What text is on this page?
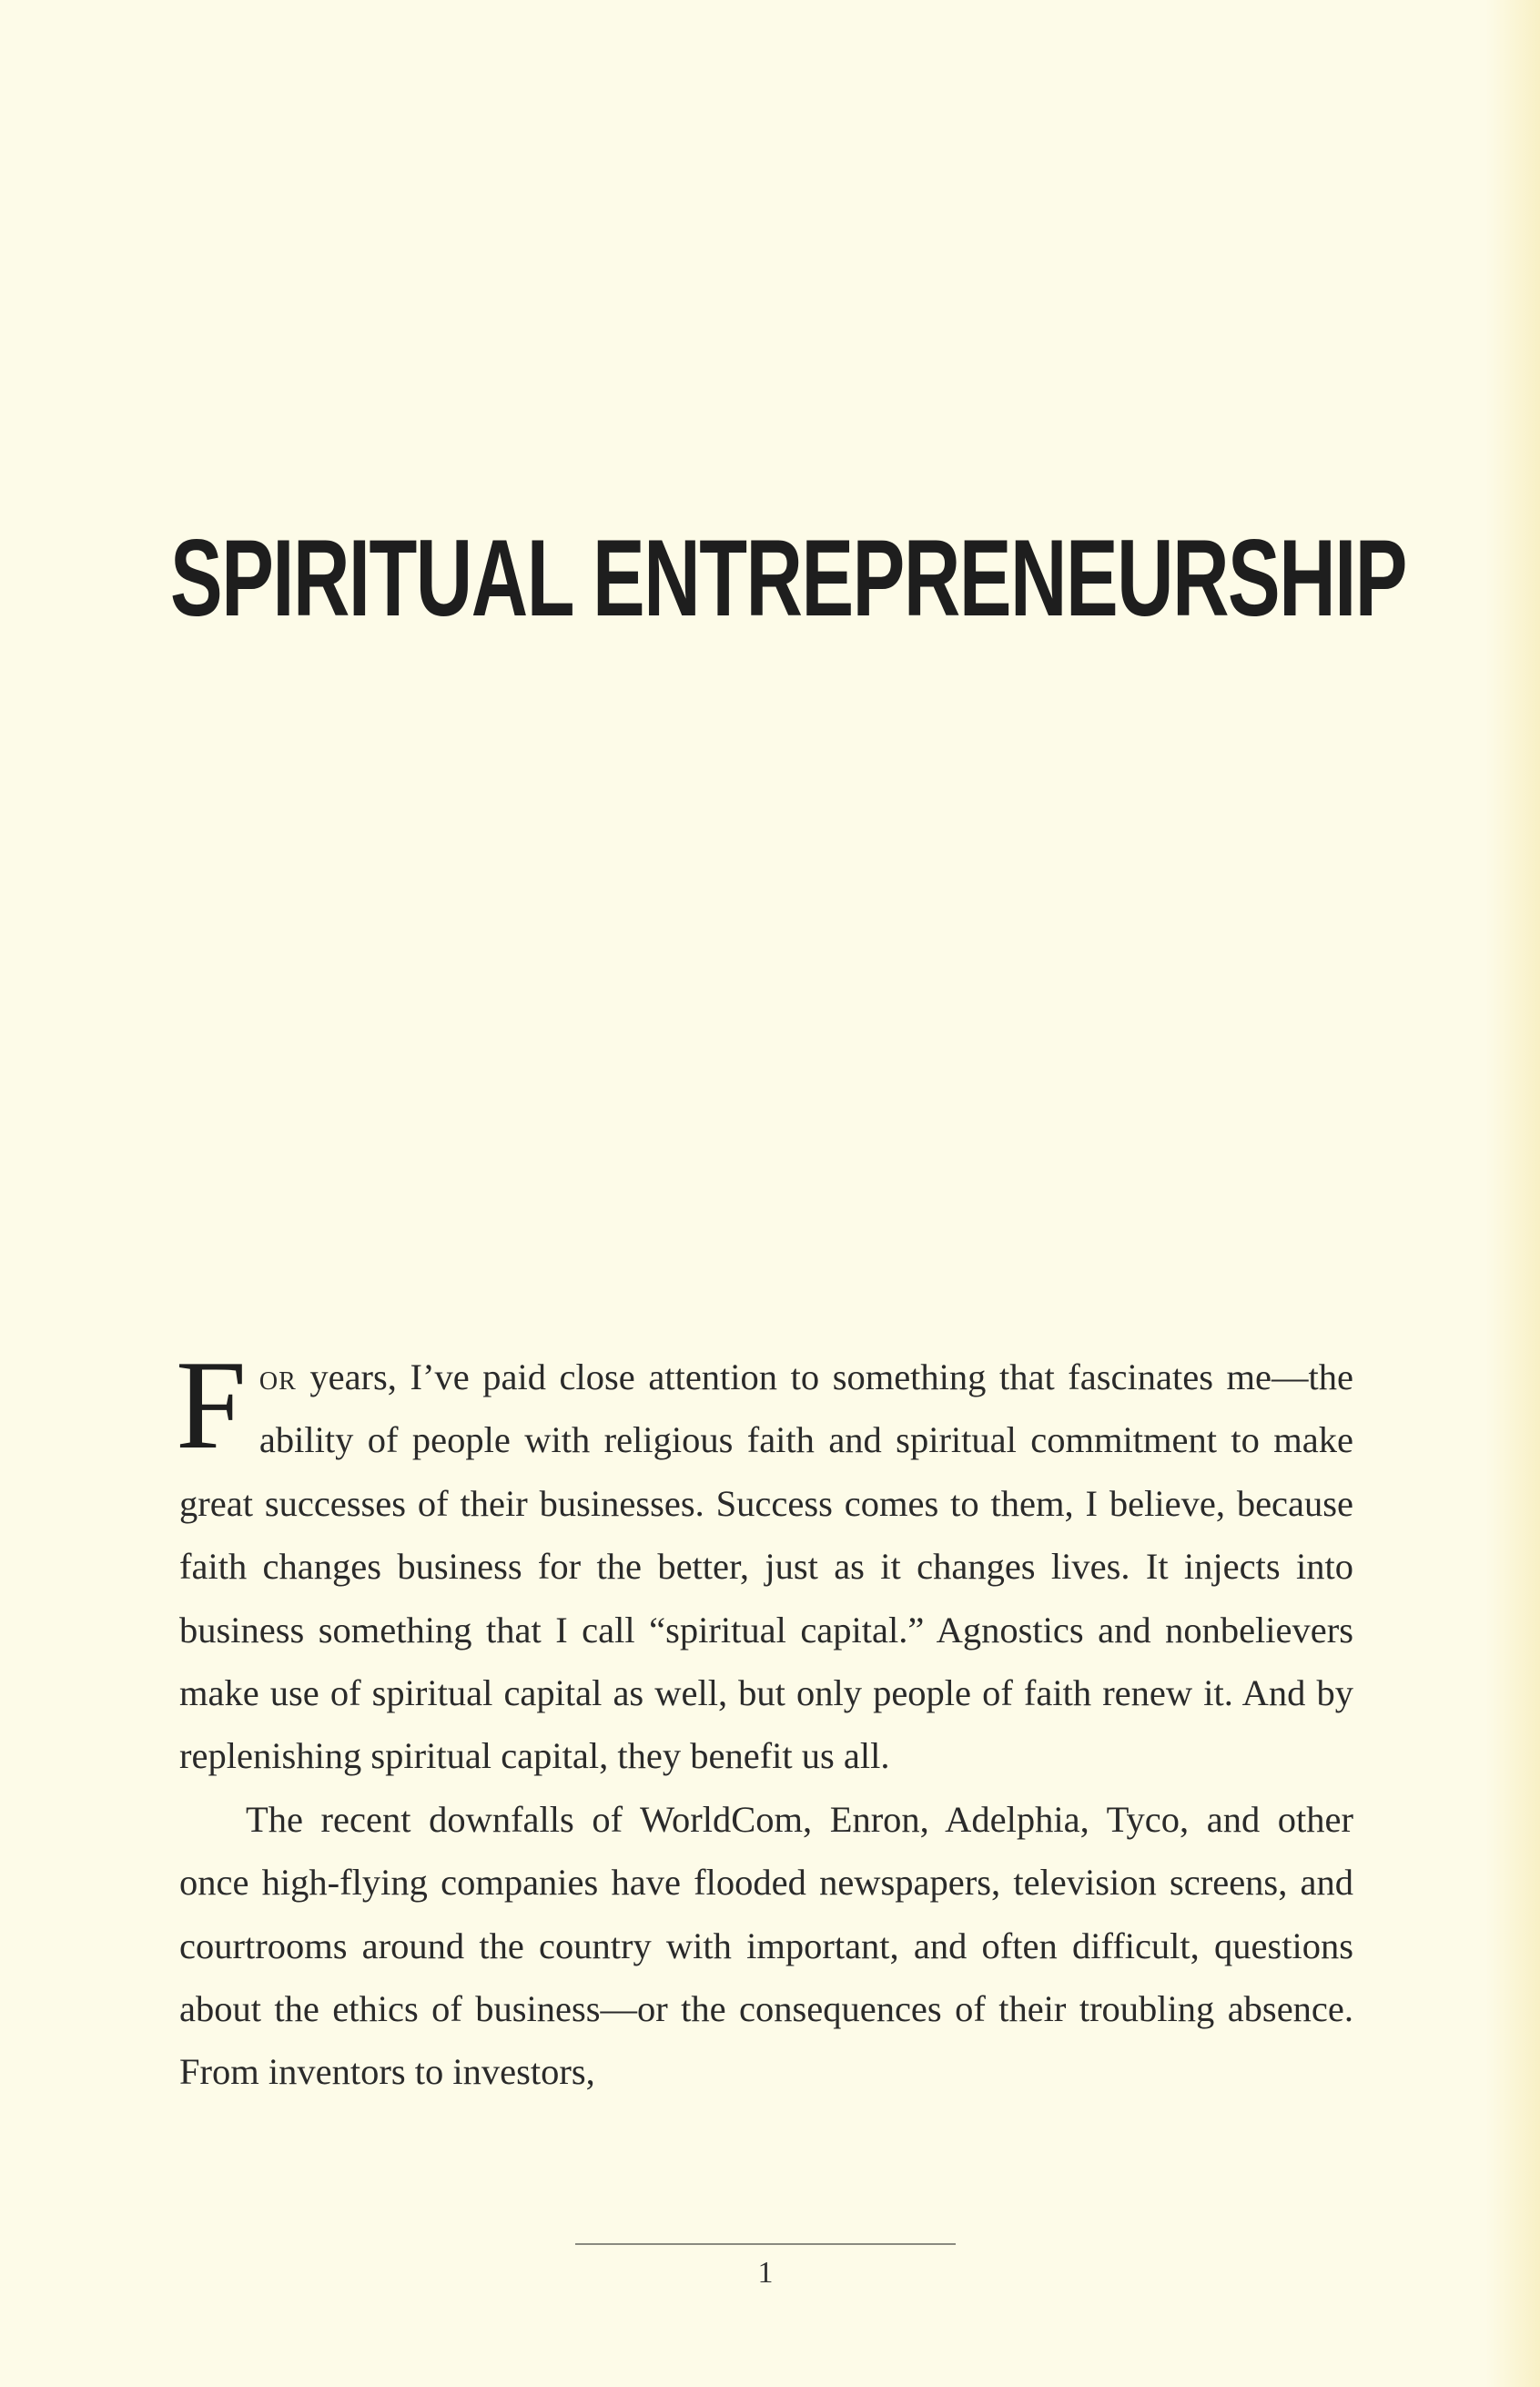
SPIRITUAL ENTREPRENEURSHIP

For years, I’ve paid close attention to something that fascinates me—the ability of people with religious faith and spiritual commitment to make great successes of their businesses. Success comes to them, I believe, because faith changes business for the better, just as it changes lives. It injects into business something that I call “spiritual capital.” Agnostics and nonbelievers make use of spiritual capital as well, but only people of faith renew it. And by replenishing spiritual capital, they benefit us all.

The recent downfalls of WorldCom, Enron, Adelphia, Tyco, and other once high-flying companies have flooded newspapers, television screens, and courtrooms around the country with important, and often difficult, questions about the ethics of business—or the consequences of their troubling absence. From inventors to investors,

1
